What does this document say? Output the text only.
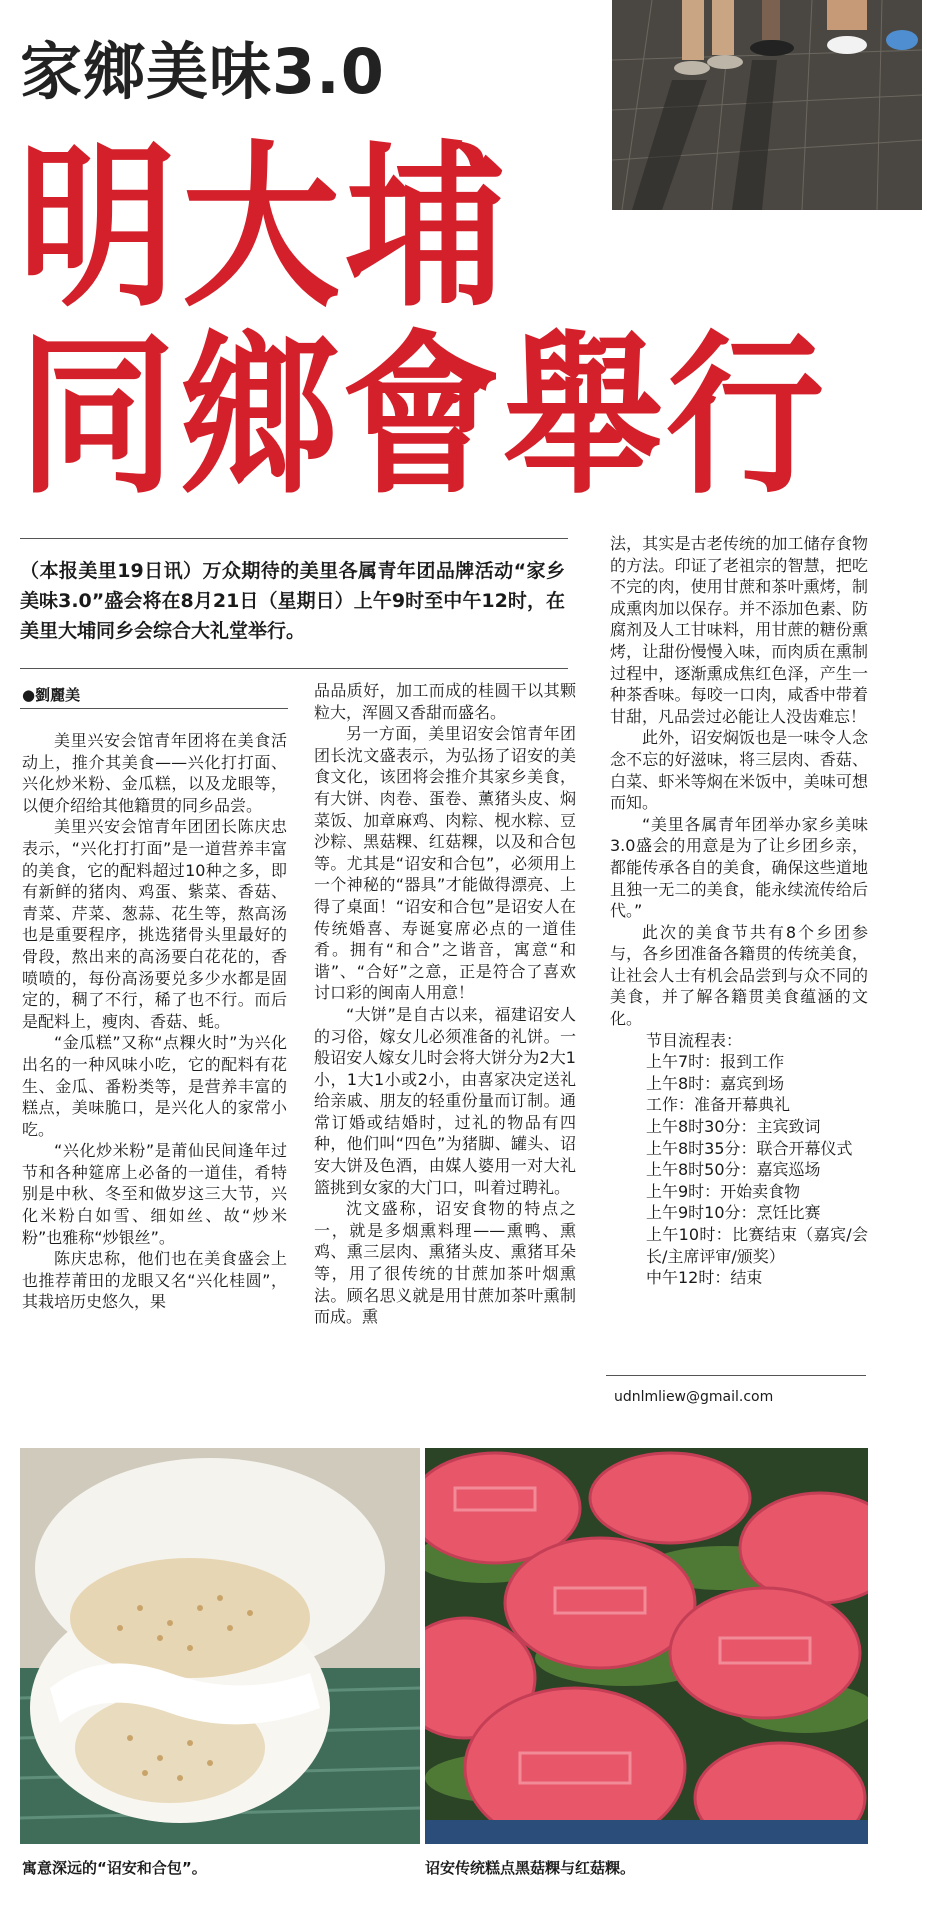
家鄉美味3.0
明大埔
同鄉會舉行
（本报美里19日讯）万众期待的美里各属青年团品牌活动“家乡美味3.0”盛会将在8月21日（星期日）上午9时至中午12时，在美里大埔同乡会综合大礼堂举行。
●劉麗美

美里兴安会馆青年团将在美食活动上，推介其美食——兴化打打面、兴化炒米粉、金瓜糕，以及龙眼等，以便介绍给其他籍贯的同乡品尝。

美里兴安会馆青年团团长陈庆忠表示，“兴化打打面”是一道营养丰富的美食，它的配料超过10种之多，即有新鲜的猪肉、鸡蛋、紫菜、香菇、青菜、芹菜、葱蒜、花生等，熬高汤也是重要程序，挑选猪骨头里最好的骨段，熬出来的高汤要白花花的，香喷喷的，每份高汤要兑多少水都是固定的，稠了不行，稀了也不行。而后是配料上，瘦肉、香菇、蚝。

“金瓜糕”又称“点粿火时”为兴化出名的一种风味小吃，它的配料有花生、金瓜、番粉类等，是营养丰富的糕点，美味脆口，是兴化人的家常小吃。

“兴化炒米粉”是莆仙民间逢年过节和各种筵席上必备的一道佳，肴特别是中秋、冬至和做岁这三大节，兴化米粉白如雪、细如丝、故“炒米粉”也雅称“炒银丝”。

陈庆忠称，他们也在美食盛会上也推荐莆田的龙眼又名“兴化桂圆”，其栽培历史悠久，果

品品质好，加工而成的桂圆干以其颗粒大，浑圆又香甜而盛名。

另一方面，美里诏安会馆青年团团长沈文盛表示，为弘扬了诏安的美食文化，该团将会推介其家乡美食，有大饼、肉卷、蛋卷、薰猪头皮、焖菜饭、加章麻鸡、肉粽、枧水粽、豆沙粽、黑菇粿、红菇粿，以及和合包等。尤其是“诏安和合包”，必须用上一个神秘的“器具”才能做得漂亮、上得了桌面！“诏安和合包”是诏安人在传统婚喜、寿诞宴席必点的一道佳肴。拥有“和合”之谐音，寓意“和谐”、“合好”之意，正是符合了喜欢讨口彩的闽南人用意！

“大饼”是自古以来，福建诏安人的习俗，嫁女儿必须准备的礼饼。一般诏安人嫁女儿时会将大饼分为2大1小，1大1小或2小，由喜家决定送礼给亲戚、朋友的轻重份量而订制。通常订婚或结婚时，过礼的物品有四种，他们叫“四色”为猪脚、罐头、诏安大饼及色酒，由媒人婆用一对大礼篮挑到女家的大门口，叫着过聘礼。

沈文盛称，诏安食物的特点之一，就是多烟熏料理——熏鸭、熏鸡、熏三层肉、熏猪头皮、熏猪耳朵等，用了很传统的甘蔗加茶叶烟熏法。顾名思义就是用甘蔗加茶叶熏制而成。熏

法，其实是古老传统的加工储存食物的方法。印证了老祖宗的智慧，把吃不完的肉，使用甘蔗和茶叶熏烤，制成熏肉加以保存。并不添加色素、防腐剂及人工甘味料，用甘蔗的糖份熏烤，让甜份慢慢入味，而肉质在熏制过程中，逐渐熏成焦红色泽，产生一种茶香味。每咬一口肉，咸香中带着甘甜，凡品尝过必能让人没齿难忘！

此外，诏安焖饭也是一味令人念念不忘的好滋味，将三层肉、香菇、白菜、虾米等焖在米饭中，美味可想而知。

“美里各属青年团举办家乡美味3.0盛会的用意是为了让乡团乡亲，都能传承各自的美食，确保这些道地且独一无二的美食，能永续流传给后代。”

此次的美食节共有8个乡团参与，各乡团准备各籍贯的传统美食，让社会人士有机会品尝到与众不同的美食，并了解各籍贯美食蕴涵的文化。

节目流程表：
上午7时：报到工作
上午8时：嘉宾到场
工作：准备开幕典礼
上午8时30分：主宾致词
上午8时35分：联合开幕仪式
上午8时50分：嘉宾巡场
上午9时：开始卖食物
上午9时10分：烹饪比赛
上午10时：比赛结束（嘉宾/会长/主席评审/颁奖）
中午12时：结束
udnlmliew@gmail.com
寓意深远的“诏安和合包”。	诏安传统糕点黑菇粿与红菇粿。
